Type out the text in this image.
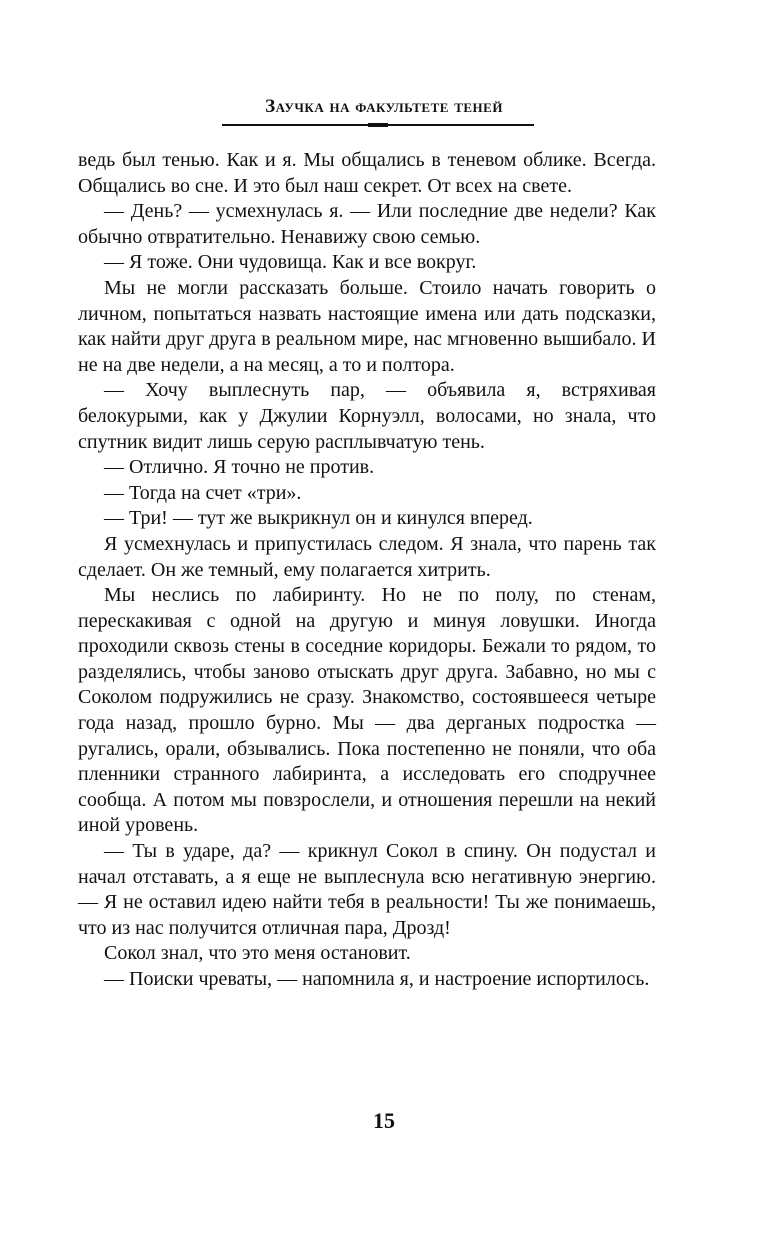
Заучка на факультете теней

ведь был тенью. Как и я. Мы общались в теневом облике. Всегда. Общались во сне. И это был наш секрет. От всех на свете.

— День? — усмехнулась я. — Или последние две недели? Как обычно отвратительно. Ненавижу свою семью.

— Я тоже. Они чудовища. Как и все вокруг.

Мы не могли рассказать больше. Стоило начать говорить о личном, попытаться назвать настоящие имена или дать подсказки, как найти друг друга в реальном мире, нас мгновенно вышибало. И не на две недели, а на месяц, а то и полтора.

— Хочу выплеснуть пар, — объявила я, встряхивая белокурыми, как у Джулии Корнуэлл, волосами, но знала, что спутник видит лишь серую расплывчатую тень.

— Отлично. Я точно не против.

— Тогда на счет «три».

— Три! — тут же выкрикнул он и кинулся вперед.

Я усмехнулась и припустилась следом. Я знала, что парень так сделает. Он же темный, ему полагается хитрить.

Мы неслись по лабиринту. Но не по полу, по стенам, перескакивая с одной на другую и минуя ловушки. Иногда проходили сквозь стены в соседние коридоры. Бежали то рядом, то разделялись, чтобы заново отыскать друг друга. Забавно, но мы с Соколом подружились не сразу. Знакомство, состоявшееся четыре года назад, прошло бурно. Мы — два дерганых подростка — ругались, орали, обзывались. Пока постепенно не поняли, что оба пленники странного лабиринта, а исследовать его сподручнее сообща. А потом мы повзрослели, и отношения перешли на некий иной уровень.

— Ты в ударе, да? — крикнул Сокол в спину. Он подустал и начал отставать, а я еще не выплеснула всю негативную энергию. — Я не оставил идею найти тебя в реальности! Ты же понимаешь, что из нас получится отличная пара, Дрозд!

Сокол знал, что это меня остановит.

— Поиски чреваты, — напомнила я, и настроение испортилось.

15
